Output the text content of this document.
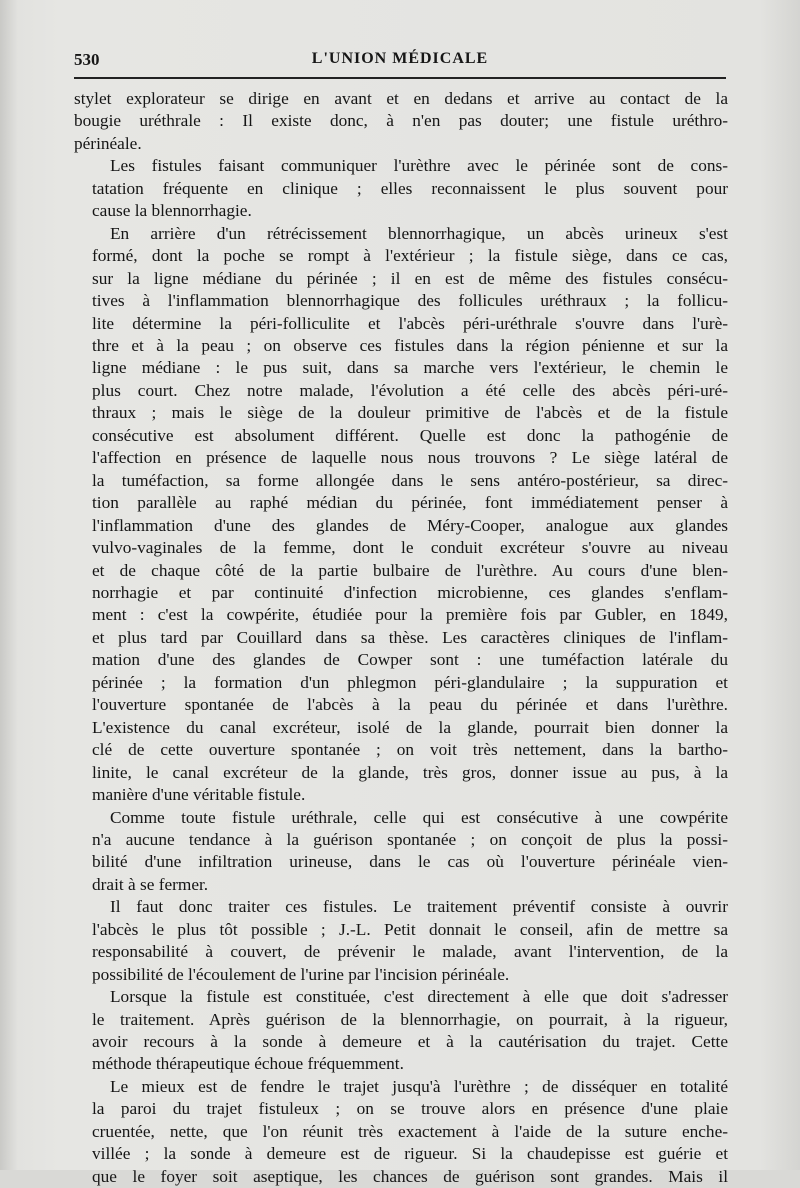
530	L'UNION MÉDICALE
stylet explorateur se dirige en avant et en dedans et arrive au contact de la
bougie uréthrale : Il existe donc, à n'en pas douter; une fistule uréthro-
périnéale.
Les fistules faisant communiquer l'urèthre avec le périnée sont de cons-
tatation fréquente en clinique ; elles reconnaissent le plus souvent pour
cause la blennorrhagie.
En arrière d'un rétrécissement blennorrhagique, un abcès urineux s'est
formé, dont la poche se rompt à l'extérieur ; la fistule siège, dans ce cas,
sur la ligne médiane du périnée ; il en est de même des fistules consécu-
tives à l'inflammation blennorrhagique des follicules uréthraux ; la follicu-
lite détermine la péri-folliculite et l'abcès péri-uréthrale s'ouvre dans l'urè-
thre et à la peau ; on observe ces fistules dans la région pénienne et sur la
ligne médiane : le pus suit, dans sa marche vers l'extérieur, le chemin le
plus court. Chez notre malade, l'évolution a été celle des abcès péri-uré-
thraux ; mais le siège de la douleur primitive de l'abcès et de la fistule
consécutive est absolument différent. Quelle est donc la pathogénie de
l'affection en présence de laquelle nous nous trouvons ? Le siège latéral de
la tuméfaction, sa forme allongée dans le sens antéro-postérieur, sa direc-
tion parallèle au raphé médian du périnée, font immédiatement penser à
l'inflammation d'une des glandes de Méry-Cooper, analogue aux glandes
vulvo-vaginales de la femme, dont le conduit excréteur s'ouvre au niveau
et de chaque côté de la partie bulbaire de l'urèthre. Au cours d'une blen-
norrhagie et par continuité d'infection microbienne, ces glandes s'enflam-
ment : c'est la cowpérite, étudiée pour la première fois par Gubler, en 1849,
et plus tard par Couillard dans sa thèse. Les caractères cliniques de l'inflam-
mation d'une des glandes de Cowper sont : une tuméfaction latérale du
périnée ; la formation d'un phlegmon péri-glandulaire ; la suppuration et
l'ouverture spontanée de l'abcès à la peau du périnée et dans l'urèthre.
L'existence du canal excréteur, isolé de la glande, pourrait bien donner la
clé de cette ouverture spontanée ; on voit très nettement, dans la bartho-
linite, le canal excréteur de la glande, très gros, donner issue au pus, à la
manière d'une véritable fistule.
Comme toute fistule uréthrale, celle qui est consécutive à une cowpérite
n'a aucune tendance à la guérison spontanée ; on conçoit de plus la possi-
bilité d'une infiltration urineuse, dans le cas où l'ouverture périnéale vien-
drait à se fermer.
Il faut donc traiter ces fistules. Le traitement préventif consiste à ouvrir
l'abcès le plus tôt possible ; J.-L. Petit donnait le conseil, afin de mettre sa
responsabilité à couvert, de prévenir le malade, avant l'intervention, de la
possibilité de l'écoulement de l'urine par l'incision périnéale.
Lorsque la fistule est constituée, c'est directement à elle que doit s'adresser
le traitement. Après guérison de la blennorrhagie, on pourrait, à la rigueur,
avoir recours à la sonde à demeure et à la cautérisation du trajet. Cette
méthode thérapeutique échoue fréquemment.
Le mieux est de fendre le trajet jusqu'à l'urèthre ; de disséquer en totalité
la paroi du trajet fistuleux ; on se trouve alors en présence d'une plaie
cruentée, nette, que l'on réunit très exactement à l'aide de la suture enche-
villée ; la sonde à demeure est de rigueur. Si la chaudepisse est guérie et
que le foyer soit aseptique, les chances de guérison sont grandes. Mais il
